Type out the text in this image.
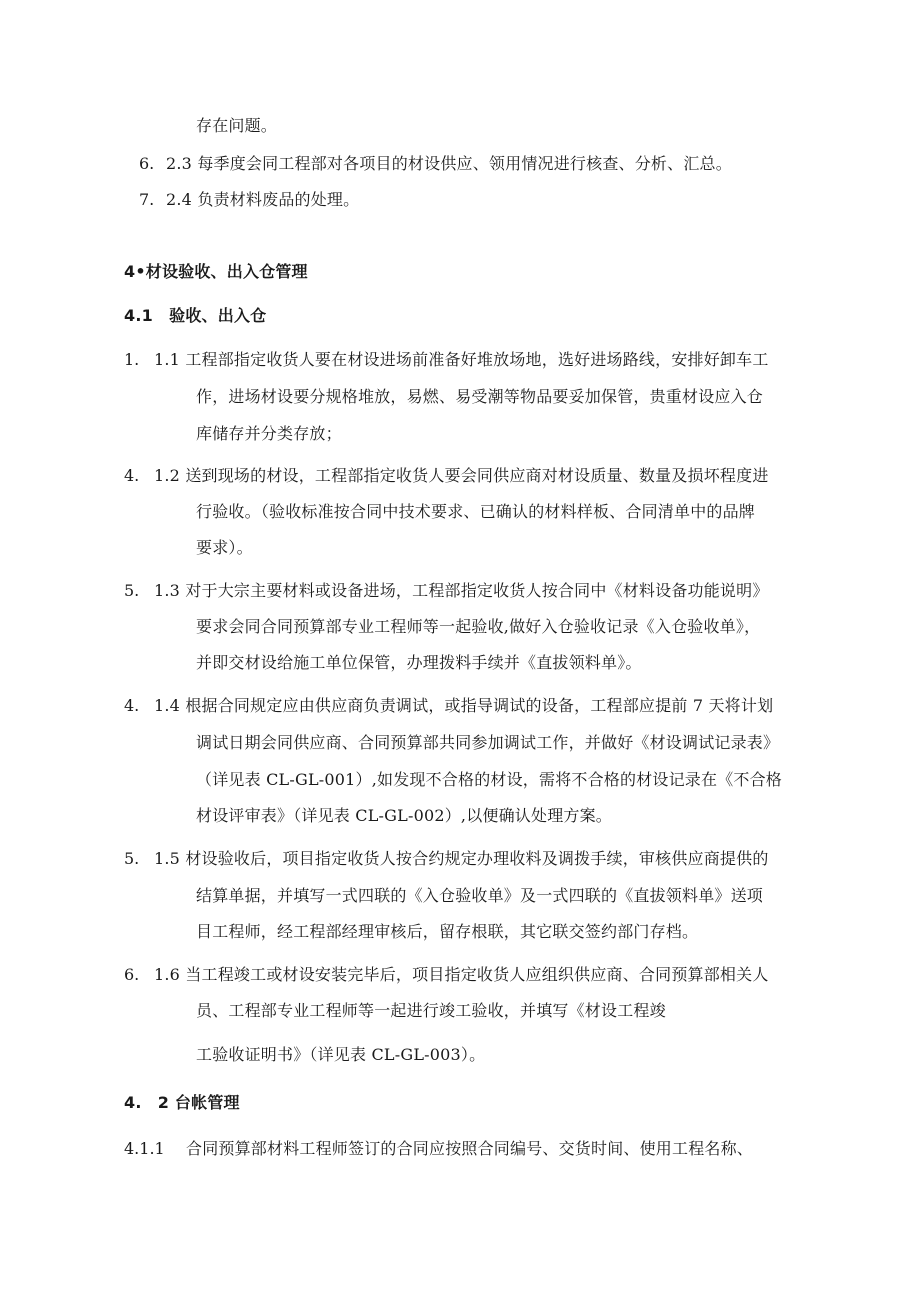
存在问题。
6. 2.3 每季度会同工程部对各项目的材设供应、领用情况进行核查、分析、汇总。
7. 2.4 负责材料废品的处理。
4•材设验收、出入仓管理
4.1　验收、出入仓
1. 1.1 工程部指定收货人要在材设进场前准备好堆放场地，选好进场路线，安排好卸车工
作，进场材设要分规格堆放，易燃、易受潮等物品要妥加保管，贵重材设应入仓
库储存并分类存放；
4. 1.2 送到现场的材设，工程部指定收货人要会同供应商对材设质量、数量及损坏程度进
行验收。（验收标准按合同中技术要求、已确认的材料样板、合同清单中的品牌
要求）。
5. 1.3 对于大宗主要材料或设备进场，工程部指定收货人按合同中《材料设备功能说明》
要求会同合同预算部专业工程师等一起验收,做好入仓验收记录《入仓验收单》，
并即交材设给施工单位保管，办理拨料手续并《直拔领料单》。
4. 1.4 根据合同规定应由供应商负责调试，或指导调试的设备，工程部应提前 7 天将计划
调试日期会同供应商、合同预算部共同参加调试工作，并做好《材设调试记录表》
（详见表 CL-GL-001）,如发现不合格的材设，需将不合格的材设记录在《不合格
材设评审表》（详见表 CL-GL-002）,以便确认处理方案。
5. 1.5 材设验收后，项目指定收货人按合约规定办理收料及调拨手续，审核供应商提供的
结算单据，并填写一式四联的《入仓验收单》及一式四联的《直拔领料单》送项
目工程师，经工程部经理审核后，留存根联，其它联交签约部门存档。
6. 1.6 当工程竣工或材设安装完毕后，项目指定收货人应组织供应商、合同预算部相关人
员、工程部专业工程师等一起进行竣工验收，并填写《材设工程竣
工验收证明书》（详见表 CL-GL-003）。
4.　2 台帐管理
4.1.1 合同预算部材料工程师签订的合同应按照合同编号、交货时间、使用工程名称、
